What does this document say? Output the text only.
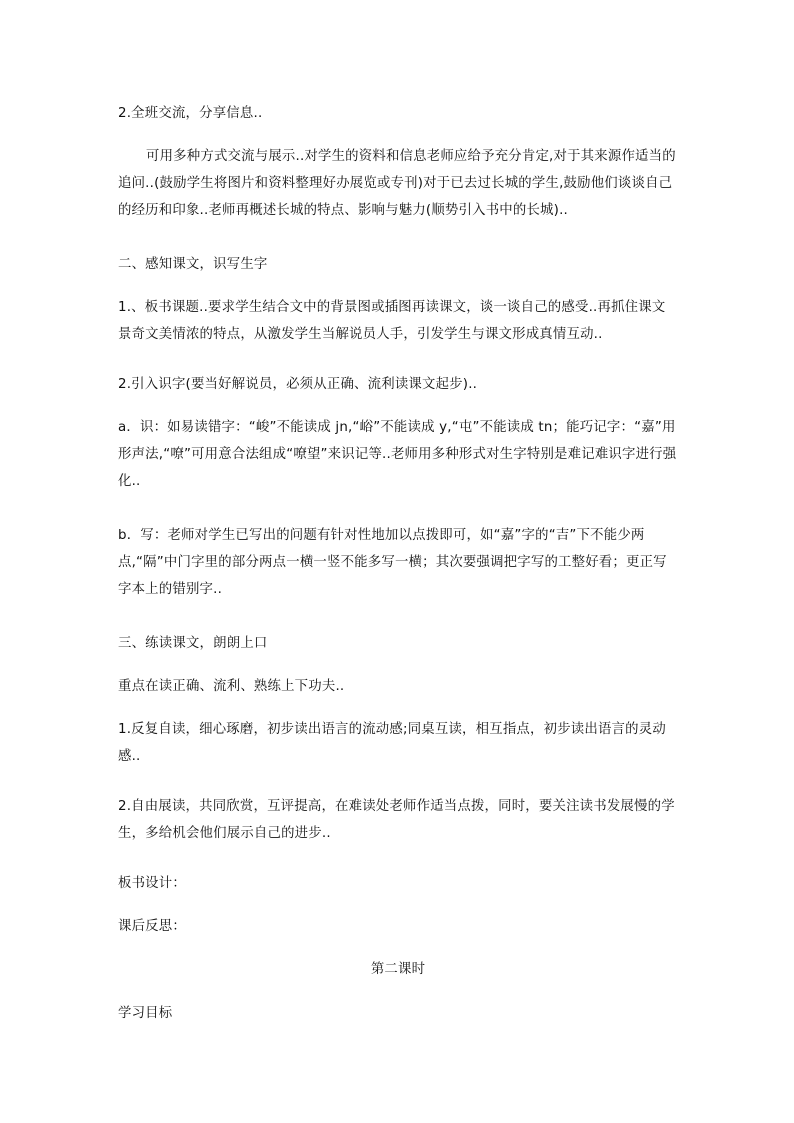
2.全班交流，分享信息..

可用多种方式交流与展示..对学生的资料和信息老师应给予充分肯定,对于其来源作适当的追问..(鼓励学生将图片和资料整理好办展览或专刊)对于已去过长城的学生,鼓励他们谈谈自己的经历和印象..老师再概述长城的特点、影响与魅力(顺势引入书中的长城)..

二、感知课文，识写生字

1.、板书课题..要求学生结合文中的背景图或插图再读课文，谈一谈自己的感受..再抓住课文景奇文美情浓的特点，从激发学生当解说员人手，引发学生与课文形成真情互动..

2.引入识字(要当好解说员，必须从正确、流利读课文起步)..

a．识：如易读错字：“峻”不能读成 jn,“峪”不能读成 y,“屯”不能读成 tn；能巧记字：“嘉”用形声法,“嘹”可用意合法组成“嘹望”来识记等..老师用多种形式对生字特别是难记难识字进行强化..

b．写：老师对学生已写出的问题有针对性地加以点拨即可，如“嘉”字的“吉”下不能少两点,“隔”中门字里的部分两点一横一竖不能多写一横；其次要强调把字写的工整好看；更正写字本上的错别字..

三、练读课文，朗朗上口

重点在读正确、流利、熟练上下功夫..

1.反复自读，细心琢磨，初步读出语言的流动感;同桌互读，相互指点，初步读出语言的灵动感..

2.自由展读，共同欣赏，互评提高，在难读处老师作适当点拨，同时，要关注读书发展慢的学生，多给机会他们展示自己的进步..

板书设计：

课后反思：

第二课时

学习目标
